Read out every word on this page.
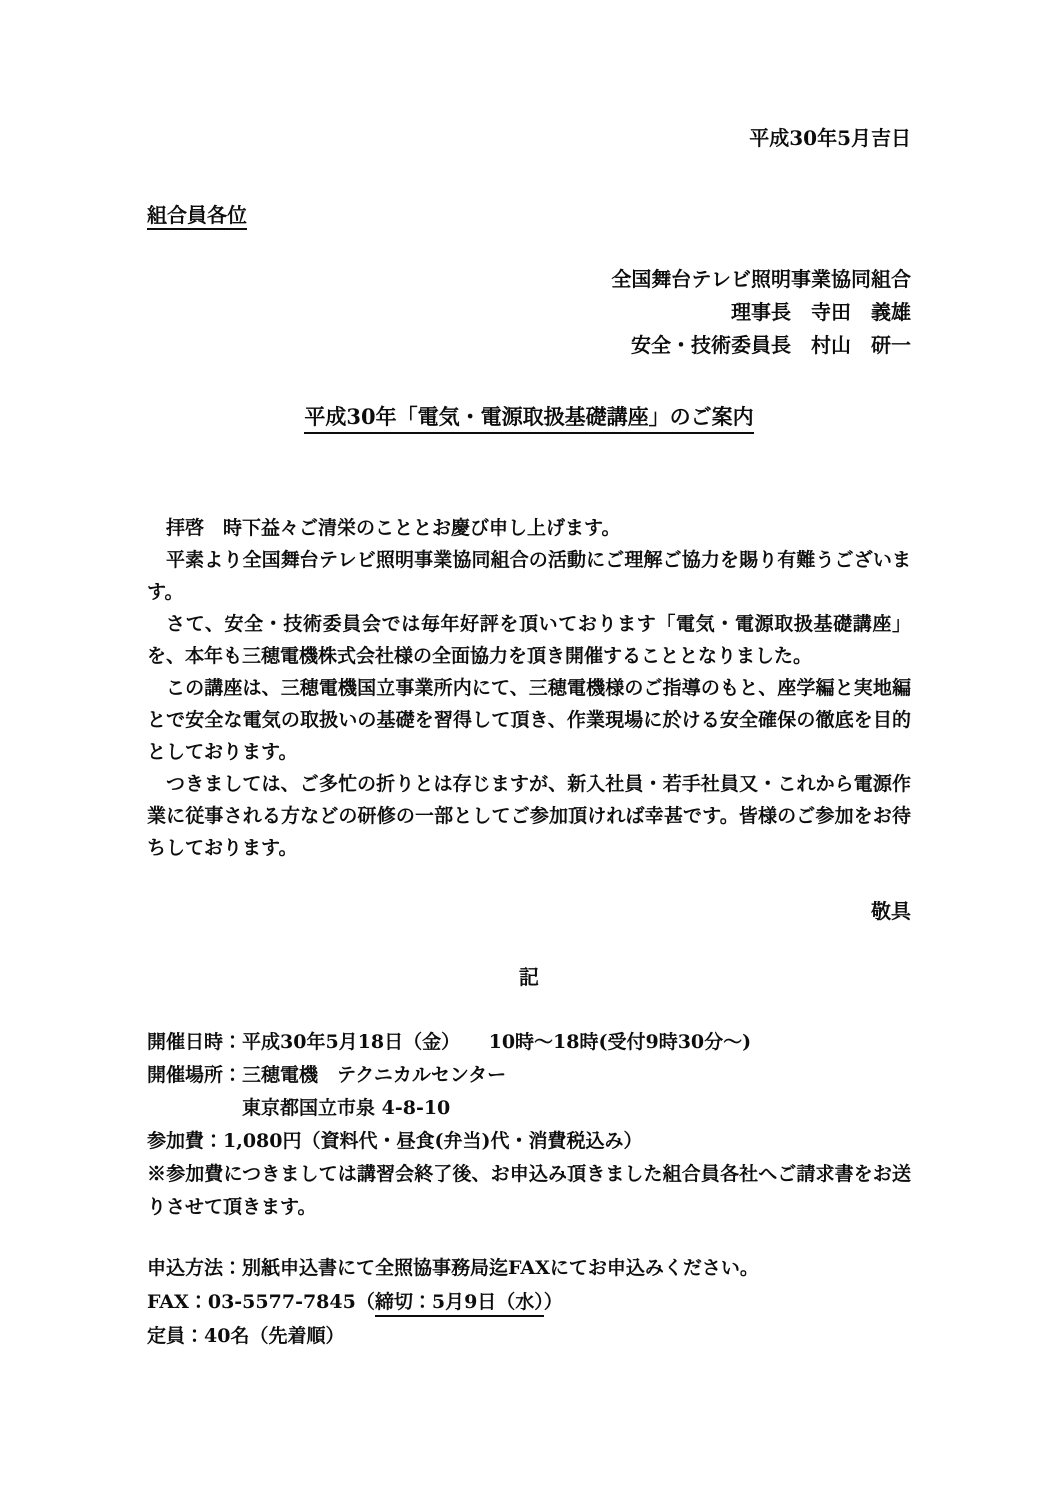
平成30年5月吉日
組合員各位
全国舞台テレビ照明事業協同組合
理事長　寺田　義雄
安全・技術委員長　村山　研一
平成30年「電気・電源取扱基礎講座」のご案内

拝啓　時下益々ご清栄のこととお慶び申し上げます。

平素より全国舞台テレビ照明事業協同組合の活動にご理解ご協力を賜り有難うございます。

さて、安全・技術委員会では毎年好評を頂いております「電気・電源取扱基礎講座」を、本年も三穂電機株式会社様の全面協力を頂き開催することとなりました。

この講座は、三穂電機国立事業所内にて、三穂電機様のご指導のもと、座学編と実地編とで安全な電気の取扱いの基礎を習得して頂き、作業現場に於ける安全確保の徹底を目的としております。

つきましては、ご多忙の折りとは存じますが、新入社員・若手社員又・これから電源作業に従事される方などの研修の一部としてご参加頂ければ幸甚です。皆様のご参加をお待ちしております。

敬具
記
開催日時：平成30年5月18日（金）　　10時～18時(受付9時30分～)
開催場所：三穂電機　テクニカルセンター
　　　　　東京都国立市泉 4-8-10
参加費：1,080円（資料代・昼食(弁当)代・消費税込み）
※参加費につきましては講習会終了後、お申込み頂きました組合員各社へご請求書をお送りさせて頂きます。
申込方法：別紙申込書にて全照協事務局迄FAXにてお申込みください。
FAX：03-5577-7845（締切：5月9日（水））
定員：40名（先着順）
